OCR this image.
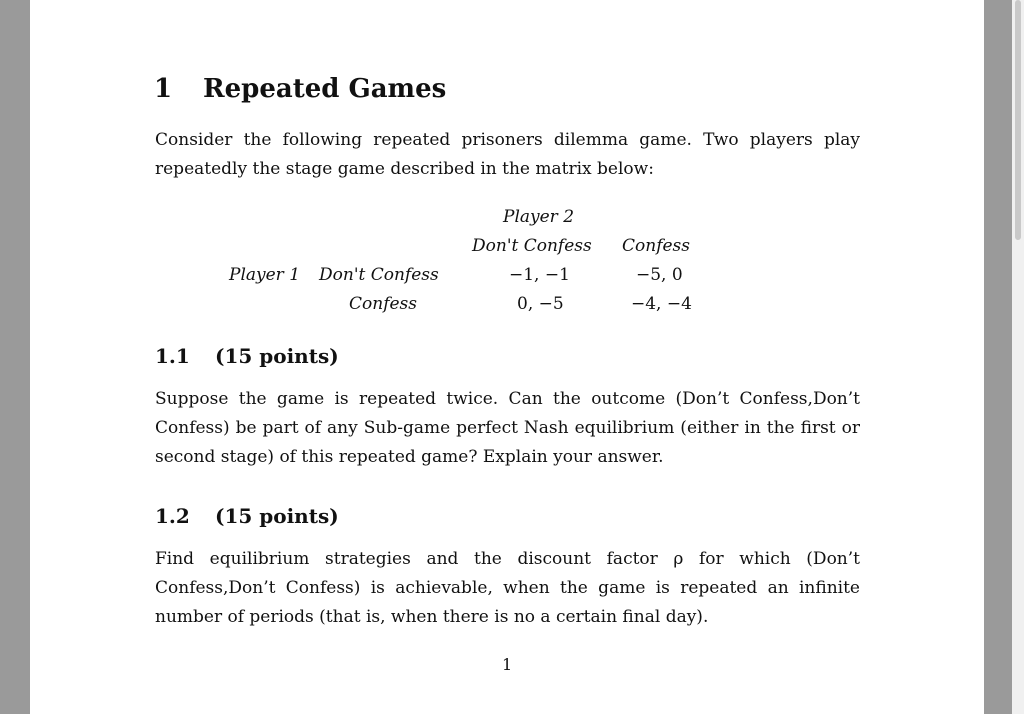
1 Repeated Games
Consider the following repeated prisoners dilemma game. Two players play repeatedly the stage game described in the matrix below:
Player 2
Don't Confess Confess
Player 1 Don't Confess	−1, −1	−5, 0
Confess	0, −5	−4, −4
1.1 (15 points)
Suppose the game is repeated twice. Can the outcome (Don’t Confess,Don’t Confess) be part of any Sub-game perfect Nash equilibrium (either in the first or second stage) of this repeated game? Explain your answer.
1.2 (15 points)
Find equilibrium strategies and the discount factor ρ for which (Don’t Confess,Don’t Confess) is achievable, when the game is repeated an infinite number of periods (that is, when there is no a certain final day).
1
